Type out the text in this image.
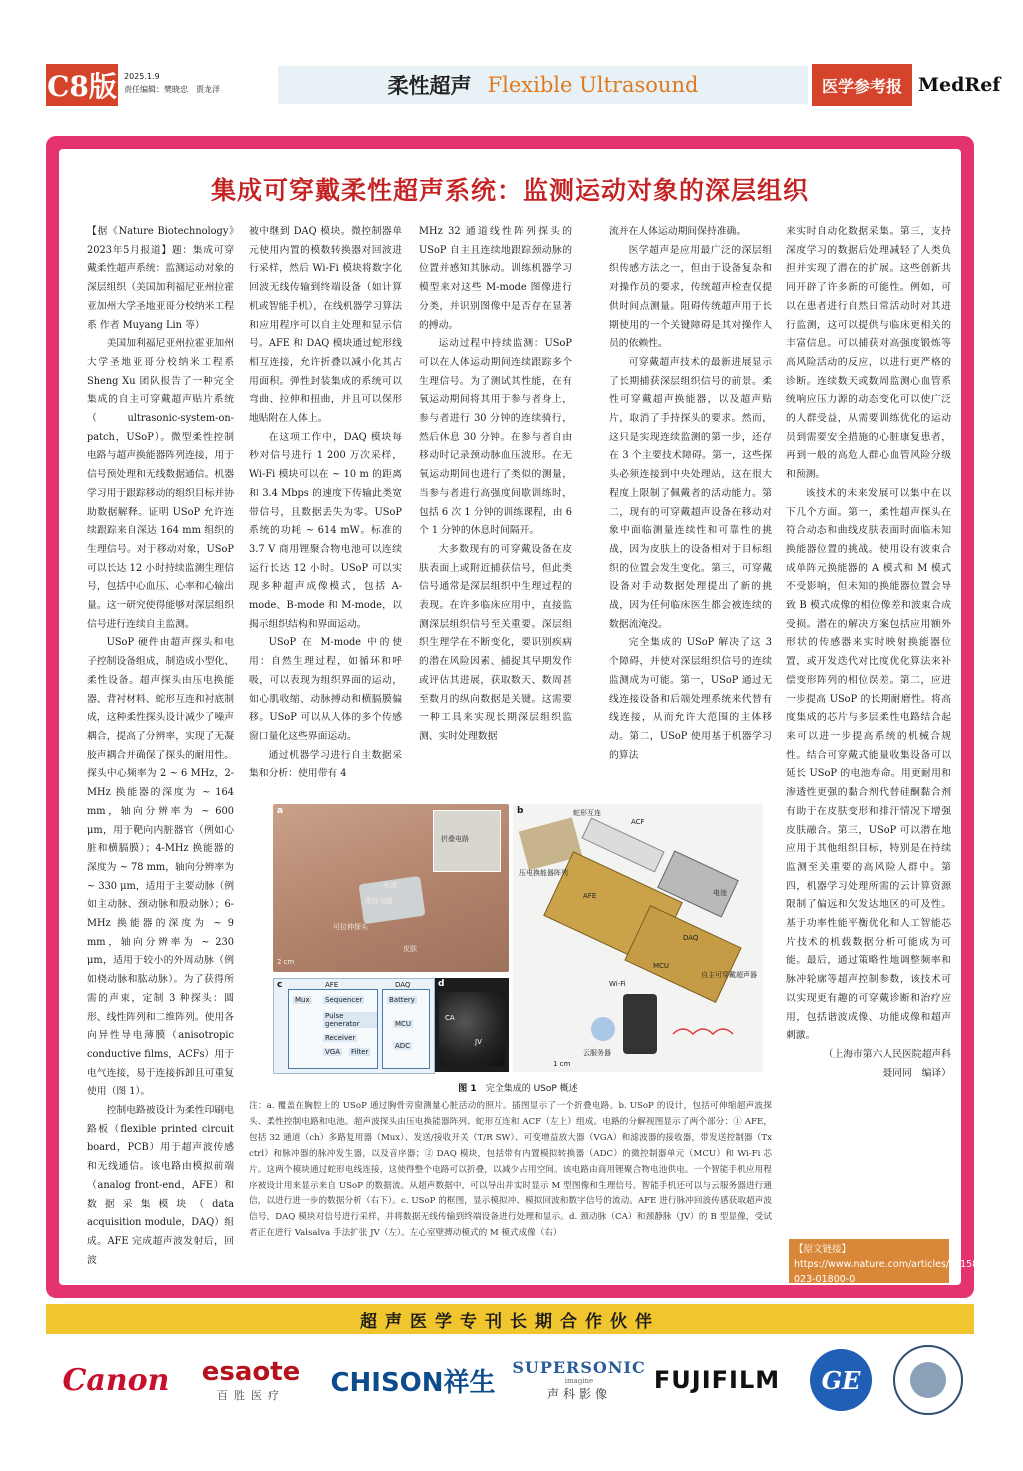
C8版 2025.1.9
责任编辑：樊晓忠　贾龙洋	柔性超声 Flexible Ultrasound	医学参考报 MedRef
集成可穿戴柔性超声系统：监测运动对象的深层组织

【据《Nature Biotechnology》2023年5月报道】题：集成可穿戴柔性超声系统：监测运动对象的深层组织（美国加利福尼亚州拉霍亚加州大学圣地亚哥分校纳米工程系 作者 Muyang Lin 等）

美国加利福尼亚州拉霍亚加州大学圣地亚哥分校纳米工程系 Sheng Xu 团队报告了一种完全集成的自主可穿戴超声贴片系统（ultrasonic-system-on-patch，USoP）。微型柔性控制电路与超声换能器阵列连接，用于信号预处理和无线数据通信。机器学习用于跟踪移动的组织目标并协助数据解释。证明 USoP 允许连续跟踪来自深达 164 mm 组织的生理信号。对于移动对象，USoP 可以长达 12 小时持续监测生理信号，包括中心血压、心率和心输出量。这一研究使得能够对深层组织信号进行连续自主监测。

USoP 硬件由超声探头和电子控制设备组成，制造成小型化、柔性设备。超声探头由压电换能器、背衬材料、蛇形互连和衬底制成，这种柔性探头设计减少了噪声耦合，提高了分辨率，实现了无凝胶声耦合并确保了探头的耐用性。探头中心频率为 2 ~ 6 MHz，2-MHz 换能器的深度为 ~ 164 mm，轴向分辨率为 ~ 600 μm，用于靶向内脏器官（例如心脏和横膈膜）；4-MHz 换能器的深度为 ~ 78 mm，轴向分辨率为 ~ 330 μm，适用于主要动脉（例如主动脉、颈动脉和股动脉）；6-MHz 换能器的深度为 ~ 9 mm，轴向分辨率为 ~ 230 μm，适用于较小的外周动脉（例如桡动脉和肱动脉）。为了获得所需的声束，定制 3 种探头：圆形、线性阵列和二维阵列。使用各向异性导电薄膜（anisotropic conductive films，ACFs）用于电气连接，易于连接拆卸且可重复使用（图 1）。

控制电路被设计为柔性印刷电路板（flexible printed circuit board，PCB）用于超声波传感和无线通信。该电路由模拟前端（analog front-end，AFE）和数据采集模块（data acquisition module，DAQ）组成。AFE 完成超声波发射后，回波

被中继到 DAQ 模块。微控制器单元使用内置的模数转换器对回波进行采样，然后 Wi-Fi 模块将数字化回波无线传输到终端设备（如计算机或智能手机），在线机器学习算法和应用程序可以自主处理和显示信号。AFE 和 DAQ 模块通过蛇形线相互连接，允许折叠以减小化其占用面积。弹性封装集成的系统可以弯曲、拉伸和扭曲，并且可以保形地贴附在人体上。

在这项工作中，DAQ 模块每秒对信号进行 1 200 万次采样，Wi-Fi 模块可以在 ~ 10 m 的距离和 3.4 Mbps 的速度下传输此类宽带信号，且数据丢失为零。USoP 系统的功耗 ~ 614 mW。标准的 3.7 V 商用锂聚合物电池可以连续运行长达 12 小时。USoP 可以实现多种超声成像模式，包括 A-mode、B-mode 和 M-mode，以揭示组织结构和界面运动。

USoP 在 M-mode 中的使用：自然生理过程，如循环和呼吸，可以表现为组织界面的运动，如心肌收缩、动脉搏动和横膈膜偏移。USoP 可以从人体的多个传感窗口量化这些界面运动。

通过机器学习进行自主数据采集和分析：使用带有 4

MHz 32 通道线性阵列探头的 USoP 自主且连续地跟踪颈动脉的位置并感知其脉动。训练机器学习模型来对这些 M-mode 图像进行分类，并识别图像中是否存在显著的搏动。

运动过程中持续监测：USoP 可以在人体运动期间连续跟踪多个生理信号。为了测试其性能，在有氧运动期间将其用于参与者身上，参与者进行 30 分钟的连续骑行，然后休息 30 分钟。在参与者自由移动时记录颈动脉血压波形。在无氧运动期间也进行了类似的测量，当参与者进行高强度间歇训练时，包括 6 次 1 分钟的训练课程，由 6 个 1 分钟的休息时间隔开。

大多数现有的可穿戴设备在皮肤表面上或附近捕获信号，但此类信号通常是深层组织中生理过程的表现。在许多临床应用中，直接监测深层组织信号至关重要。深层组织生理学在不断变化，要识别疾病的潜在风险因素、捕捉其早期发作或评估其进展，获取数天、数周甚至数月的纵向数据是关键。这需要一种工具来实现长期深层组织监测、实时处理数据

流并在人体运动期间保持准确。

医学超声是应用最广泛的深层组织传感方法之一，但由于设备复杂和对操作员的要求，传统超声检查仅提供时间点测量。阻碍传统超声用于长期使用的一个关键障碍是其对操作人员的依赖性。

可穿戴超声技术的最新进展显示了长期捕获深层组织信号的前景。柔性可穿戴超声换能器，以及超声贴片，取消了手持探头的要求。然而，这只是实现连续监测的第一步，还存在 3 个主要技术障碍。第一，这些探头必须连接到中央处理站，这在很大程度上限制了佩戴者的活动能力。第二，现有的可穿戴超声设备在移动对象中面临测量连续性和可靠性的挑战，因为皮肤上的设备相对于目标组织的位置会发生变化。第三，可穿戴设备对手动数据处理提出了新的挑战，因为任何临床医生都会被连续的数据流淹没。

完全集成的 USoP 解决了这 3 个障碍，并使对深层组织信号的连续监测成为可能。第一，USoP 通过无线连接设备和后端处理系统来代替有线连接，从而允许大范围的主体移动。第二，USoP 使用基于机器学习的算法

来实时自动化数据采集。第三，支持深度学习的数据后处理减轻了人类负担并实现了潜在的扩展。这些创新共同开辟了许多新的可能性。例如，可以在患者进行自然日常活动时对其进行监测，这可以提供与临床更相关的丰富信息。可以捕获对高强度锻炼等高风险活动的反应，以进行更严格的诊断。连续数天或数周监测心血管系统响应压力源的动态变化可以使广泛的人群受益，从需要训练优化的运动员到需要安全措施的心脏康复患者，再到一般的高危人群心血管风险分级和预测。

该技术的未来发展可以集中在以下几个方面。第一，柔性超声探头在符合动态和曲线皮肤表面时面临未知换能器位置的挑战。使用设有波束合成单阵元换能器的 A 模式和 M 模式不受影响，但未知的换能器位置会导致 B 模式成像的相位像差和波束合成受损。潜在的解决方案包括应用额外形状的传感器来实时映射换能器位置，或开发迭代对比度优化算法来补偿变形阵列的相位误差。第二，应进一步提高 USoP 的长期耐磨性。将高度集成的芯片与多层柔性电路结合起来可以进一步提高系统的机械合规性。结合可穿戴式能量收集设备可以延长 USoP 的电池寿命。用更耐用和渗透性更强的黏合剂代替硅酮黏合剂有助于在皮肤变形和排汗情况下增强皮肤融合。第三，USoP 可以潜在地应用于其他组织目标，特别是在持续监测至关重要的高风险人群中。第四，机器学习处理所需的云计算资源限制了偏远和欠发达地区的可及性。基于功率性能平衡优化和人工智能芯片技术的机载数据分析可能成为可能。最后，通过策略性地调整频率和脉冲轮廓等超声控制参数，该技术可以实现更有趣的可穿戴诊断和治疗应用，包括谐波成像、功能成像和超声刺激。

（上海市第六人民医院超声科　聂同同　编译）

a
折叠电路
电池
柔性电路
可拉伸探头
皮肤
2 cm
b	蛇形互连
ACF
压电换能器阵列
AFE	电池
DAQ
MCU
自主可穿戴超声器
Wi-Fi
云服务器
1 cm
c	AFE
Mux Sequencer
Pulse generator
Receiver
VGA Filter
DAQ
Battery
MCU
ADC
d
CA
JV
图 1　 完全集成的 USoP 概述
注：a. 覆盖在胸腔上的 USoP 通过胸骨旁窗测量心脏活动的照片。插图显示了一个折叠电路。b. USoP 的设计，包括可伸缩超声波探头、柔性控制电路和电池。超声波探头由压电换能器阵列、蛇形互连和 ACF（左上）组成。电路的分解视图显示了两个部分：① AFE，包括 32 通道（ch）多路复用器（Mux）、发送/接收开关（T/R SW）、可变增益放大器（VGA）和滤波器的接收器，带发送控制器（Tx ctrl）和脉冲器的脉冲发生器，以及音序器；② DAQ 模块，包括带有内置模拟转换器（ADC）的微控制器单元（MCU）和 Wi-Fi 芯片。这两个模块通过蛇形电线连接，这使得整个电路可以折叠，以减少占用空间。该电路由商用锂聚合物电池供电。一个智能手机应用程序被设计用来显示来自 USoP 的数据流。从超声数据中，可以导出并实时显示 M 型图像和生理信号。智能手机还可以与云服务器进行通信，以进行进一步的数据分析（右下）。c. USoP 的框图，显示模拟冲、模拟回波和数字信号的流动。AFE 进行脉冲回波传感获取超声波信号，DAQ 模块对信号进行采样，并将数据无线传输到终端设备进行处理和显示。d. 颈动脉（CA）和颈静脉（JV）的 B 型显像，受试者正在进行 Valsalva 手法扩张 JV（左）。左心室壁搏动模式的 M 模式成像（右）
【原文链接】https://www.nature.com/articles/s41587-023-01800-0
超声医学专刊长期合作伙伴
Canon esaote
百胜医疗 CHISON祥生 SUPERSONIC
imagine
声科影像 FUJIFILM	GE
